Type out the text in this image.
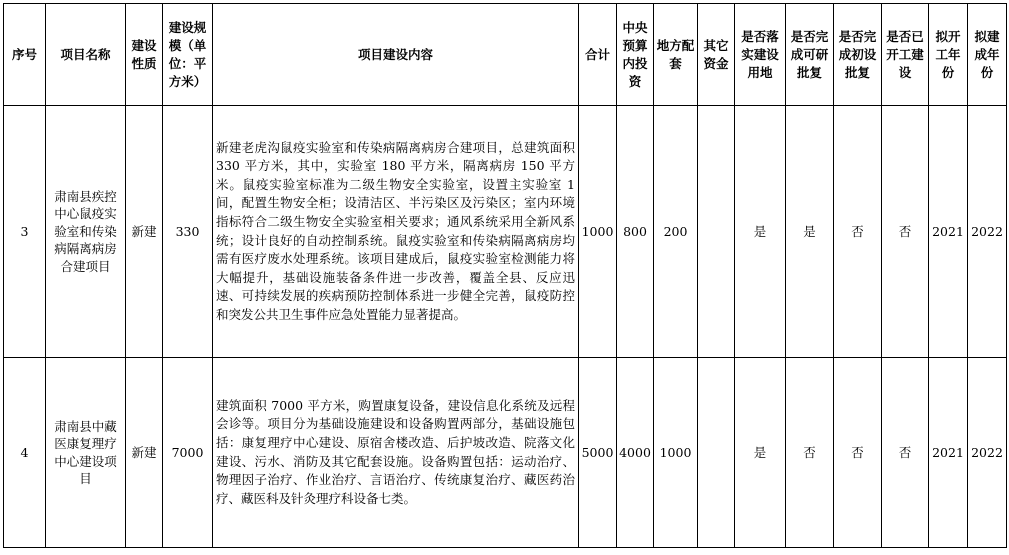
序号	项目名称	建设性质	建设规模（单位：平方米）	项目建设内容	合计	中央预算内投资	地方配套	其它资金	是否落实建设用地	是否完成可研批复	是否完成初设批复	是否已开工建设	拟开工年份	拟建成年份
3	肃南县疾控中心鼠疫实验室和传染病隔离病房合建项目	新建	330	新建老虎沟鼠疫实验室和传染病隔离病房合建项目，总建筑面积 330 平方米，其中，实验室 180 平方米，隔离病房 150 平方米。鼠疫实验室标准为二级生物安全实验室，设置主实验室 1 间，配置生物安全柜；设清洁区、半污染区及污染区；室内环境指标符合二级生物安全实验室相关要求；通风系统采用全新风系统；设计良好的自动控制系统。鼠疫实验室和传染病隔离病房均需有医疗废水处理系统。该项目建成后，鼠疫实验室检测能力将大幅提升，基础设施装备条件进一步改善，覆盖全县、反应迅速、可持续发展的疾病预防控制体系进一步健全完善，鼠疫防控和突发公共卫生事件应急处置能力显著提高。	1000	800	200		是	是	否	否	2021	2022
4	肃南县中藏医康复理疗中心建设项目	新建	7000	建筑面积 7000 平方米，购置康复设备，建设信息化系统及远程会诊等。项目分为基础设施建设和设备购置两部分，基础设施包括：康复理疗中心建设、原宿舍楼改造、后护坡改造、院落文化建设、污水、消防及其它配套设施。设备购置包括：运动治疗、物理因子治疗、作业治疗、言语治疗、传统康复治疗、藏医药治疗、藏医科及针灸理疗科设备七类。	5000	4000	1000		是	否	否	否	2021	2022
